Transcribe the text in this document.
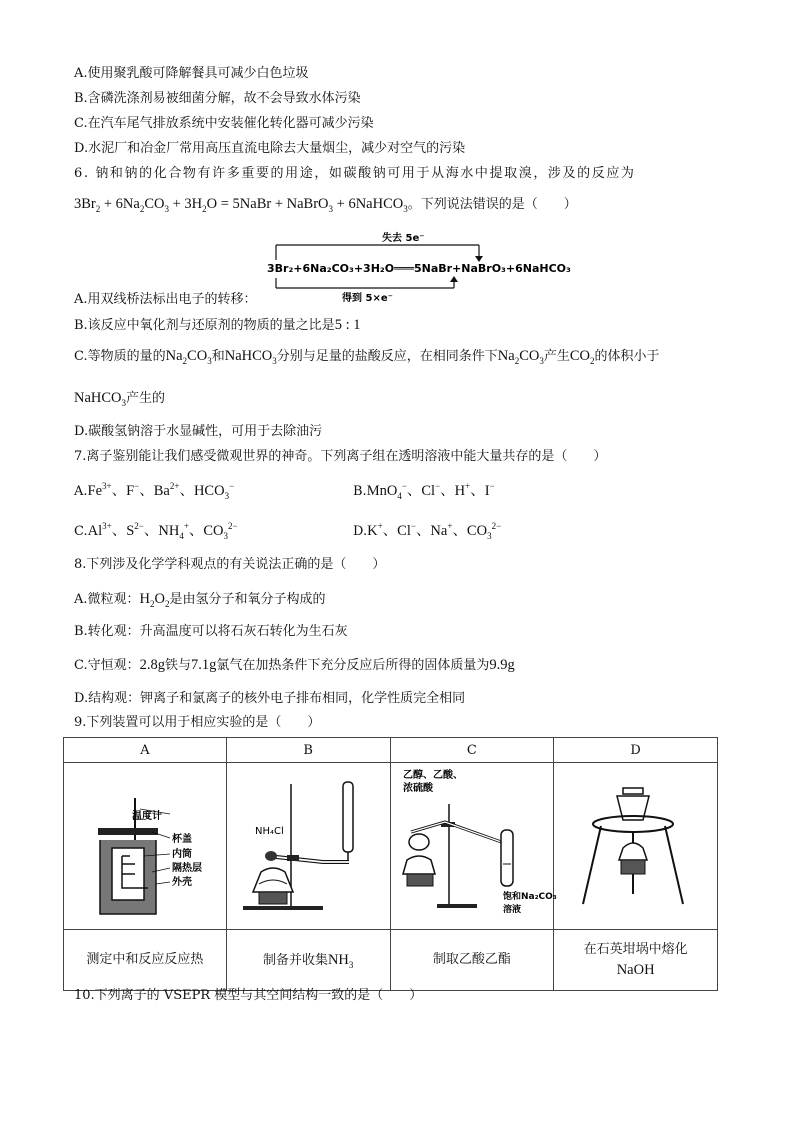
A.使用聚乳酸可降解餐具可减少白色垃圾
B.含磷洗涤剂易被细菌分解，故不会导致水体污染
C.在汽车尾气排放系统中安装催化转化器可减少污染
D.水泥厂和冶金厂常用高压直流电除去大量烟尘，减少对空气的污染
6. 钠和钠的化合物有许多重要的用途，如碳酸钠可用于从海水中提取溴，涉及的反应为
$3Br_2 + 6Na_2CO_3 + 3H_2O$ = 5NaBr + NaBrO$_3$ + 6NaHCO$_3$。下列说法错误的是（　　）
失去 5e⁻
3Br₂+6Na₂CO₃+3H₂O═══5NaBr+NaBrO₃+6NaHCO₃
得到 5×e⁻
A.用双线桥法标出电子的转移：
B.该反应中氧化剂与还原剂的物质的量之比是5 : 1
C.等物质的量的$Na_2CO_3$和NaHCO$_3$分别与足量的盐酸反应，在相同条件下$Na_2CO_3$产生$CO_2$的体积小于
NaHCO$_3$产生的
D.碳酸氢钠溶于水显碱性，可用于去除油污
7.离子鉴别能让我们感受微观世界的神奇。下列离子组在透明溶液中能大量共存的是（　　）
$A.Fe^{3+}$、F−、$Ba^{2+}$、$HCO_3^-$	B.MnO$_4$−、Cl−、H+、I−
$C.Al^{3+}$、$S^{2-}$、$NH_4^+$、$CO_3^{2-}$	D.K+、Cl−、Na+、$CO_3^{2-}$
8.下列涉及化学学科观点的有关说法正确的是（　　）
A.微粒观：$H_2O_2$是由氢分子和氧分子构成的
B.转化观：升高温度可以将石灰石转化为生石灰
C.守恒观：2.8g铁与7.1g氯气在加热条件下充分反应后所得的固体质量为9.9g
D.结构观：钾离子和氯离子的核外电子排布相同，化学性质完全相同
9.下列装置可以用于相应实验的是（　　）
A	B	C	D

温度计
杯盖
内筒
隔热层
外壳	NH₄Cl	乙醇、乙酸、
浓硫酸
饱和Na₂CO₃
溶液

测定中和反应反应热	制备并收集$NH_3$	制取乙酸乙酯	在石英坩埚中熔化
NaOH
10.下列离子的 VSEPR 模型与其空间结构一致的是（　　）
